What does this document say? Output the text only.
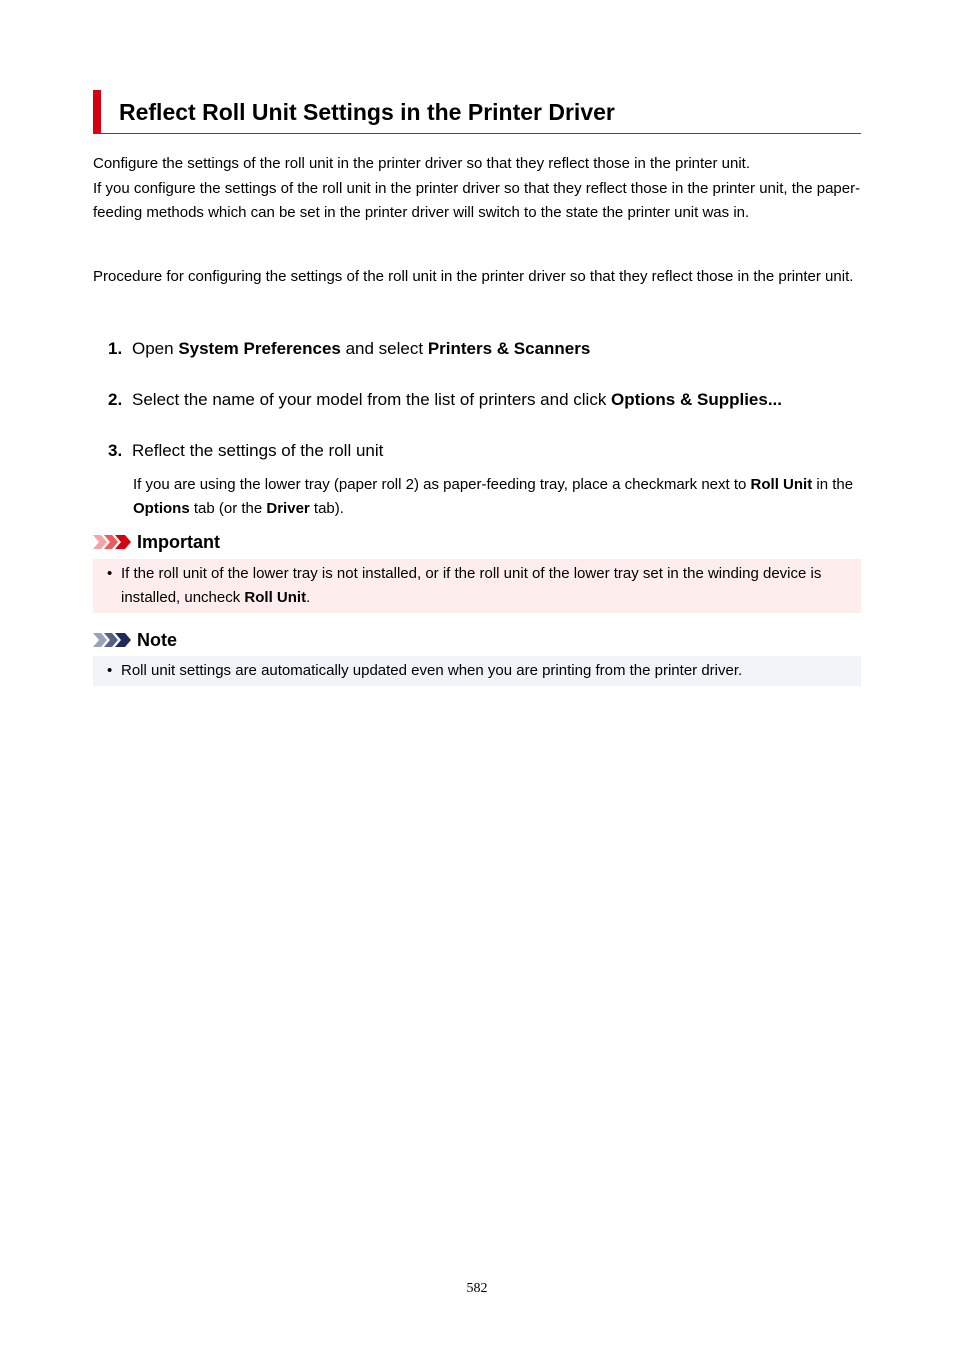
Reflect Roll Unit Settings in the Printer Driver

Configure the settings of the roll unit in the printer driver so that they reflect those in the printer unit.
If you configure the settings of the roll unit in the printer driver so that they reflect those in the printer unit, the paper-feeding methods which can be set in the printer driver will switch to the state the printer unit was in.

Procedure for configuring the settings of the roll unit in the printer driver so that they reflect those in the printer unit.

1. Open System Preferences and select Printers & Scanners
2. Select the name of your model from the list of printers and click Options & Supplies...
3. Reflect the settings of the roll unit

If you are using the lower tray (paper roll 2) as paper-feeding tray, place a checkmark next to Roll Unit in the Options tab (or the Driver tab).

Important
• If the roll unit of the lower tray is not installed, or if the roll unit of the lower tray set in the winding device is installed, uncheck Roll Unit.
Note
• Roll unit settings are automatically updated even when you are printing from the printer driver.
582
